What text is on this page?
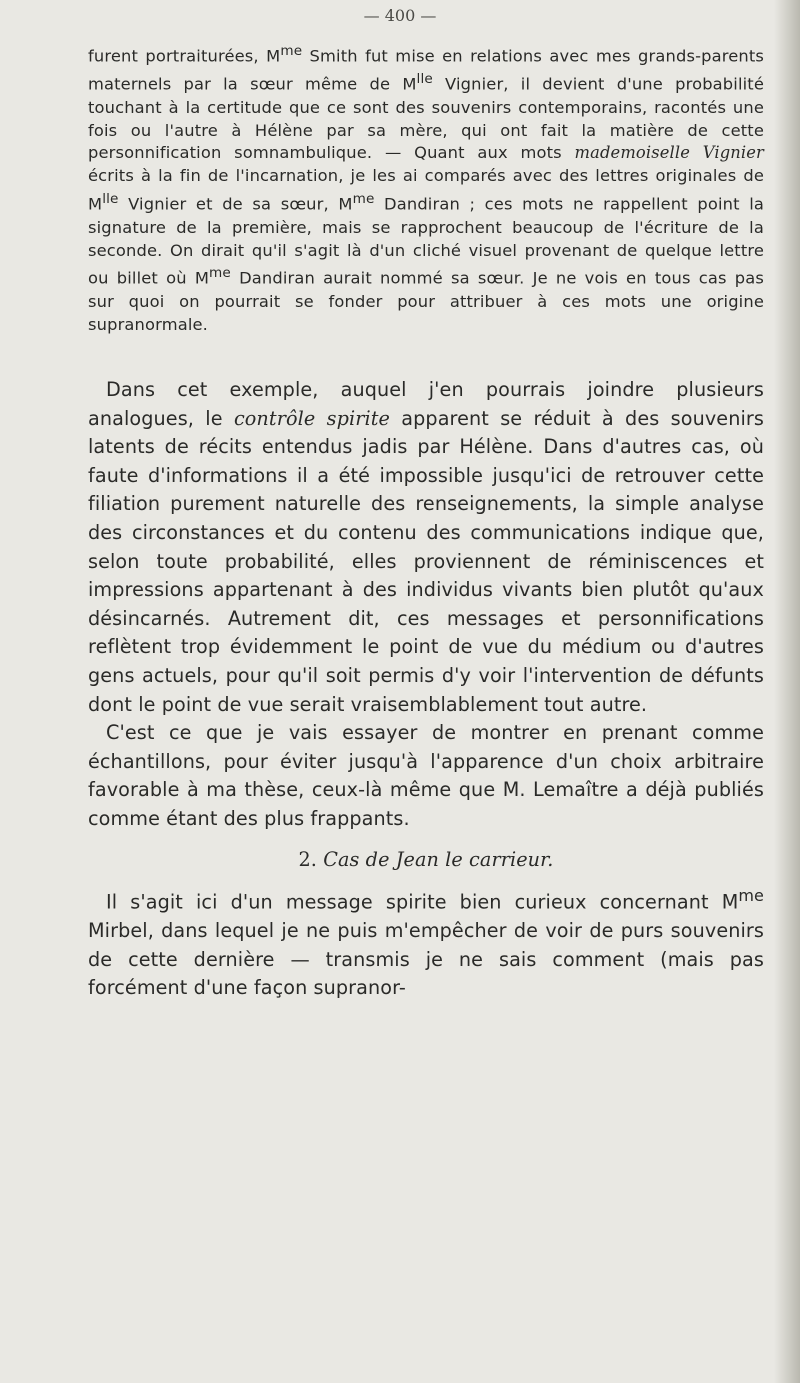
— 400 —

furent portraiturées, $M^{me}$ Smith fut mise en relations avec mes grands-parents maternels par la sœur même de $M^{lle}$ Vignier, il devient d'une probabilité touchant à la certitude que ce sont des souvenirs contemporains, racontés une fois ou l'autre à Hélène par sa mère, qui ont fait la matière de cette personnification somnambulique. — Quant aux mots mademoiselle Vignier écrits à la fin de l'incarnation, je les ai comparés avec des lettres originales de $M^{lle}$ Vignier et de sa sœur, $M^{me}$ Dandiran ; ces mots ne rappellent point la signature de la première, mais se rapprochent beaucoup de l'écriture de la seconde. On dirait qu'il s'agit là d'un cliché visuel provenant de quelque lettre ou billet où $M^{me}$ Dandiran aurait nommé sa sœur. Je ne vois en tous cas pas sur quoi on pourrait se fonder pour attribuer à ces mots une origine supranormale.

Dans cet exemple, auquel j'en pourrais joindre plusieurs analogues, le contrôle spirite apparent se réduit à des souvenirs latents de récits entendus jadis par Hélène. Dans d'autres cas, où faute d'informations il a été impossible jusqu'ici de retrouver cette filiation purement naturelle des renseignements, la simple analyse des circonstances et du contenu des communications indique que, selon toute probabilité, elles proviennent de réminiscences et impressions appartenant à des individus vivants bien plutôt qu'aux désincarnés. Autrement dit, ces messages et personnifications reflètent trop évidemment le point de vue du médium ou d'autres gens actuels, pour qu'il soit permis d'y voir l'intervention de défunts dont le point de vue serait vraisemblablement tout autre.

C'est ce que je vais essayer de montrer en prenant comme échantillons, pour éviter jusqu'à l'apparence d'un choix arbitraire favorable à ma thèse, ceux-là même que M. Lemaître a déjà publiés comme étant des plus frappants.

2. Cas de Jean le carrieur.

Il s'agit ici d'un message spirite bien curieux concernant $M^{me}$ Mirbel, dans lequel je ne puis m'empêcher de voir de purs souvenirs de cette dernière — transmis je ne sais comment (mais pas forcément d'une façon supranor-
